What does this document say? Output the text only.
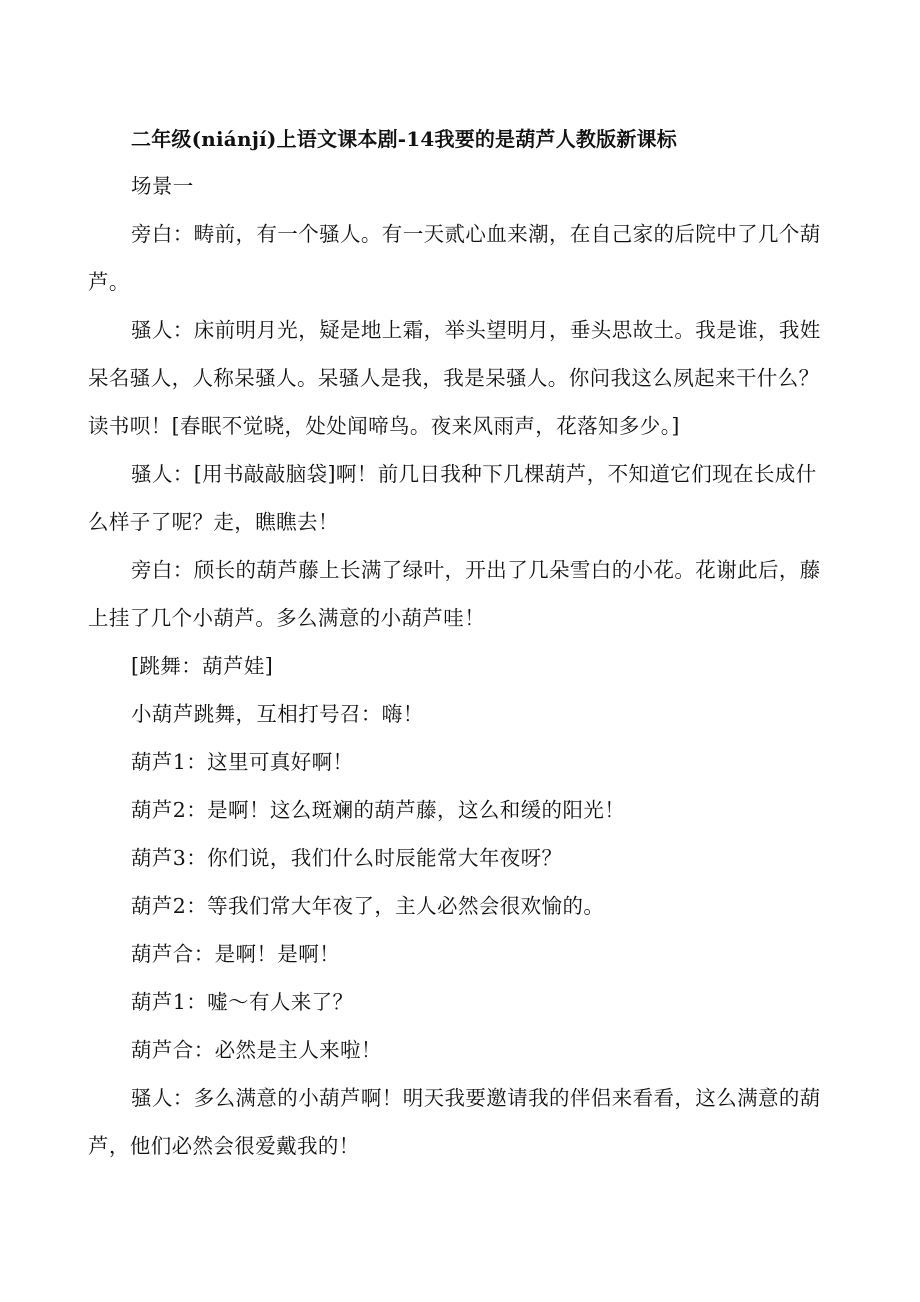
二年级(niánjí)上语文课本剧-14我要的是葫芦人教版新课标

场景一

旁白：畴前，有一个骚人。有一天贰心血来潮，在自己家的后院中了几个葫芦。

骚人：床前明月光，疑是地上霜，举头望明月，垂头思故土。我是谁，我姓呆名骚人，人称呆骚人。呆骚人是我，我是呆骚人。你问我这么夙起来干什么？读书呗！[春眠不觉晓，处处闻啼鸟。夜来风雨声，花落知多少。]

骚人：[用书敲敲脑袋]啊！前几日我种下几棵葫芦，不知道它们现在长成什么样子了呢？走，瞧瞧去！

旁白：颀长的葫芦藤上长满了绿叶，开出了几朵雪白的小花。花谢此后，藤上挂了几个小葫芦。多么满意的小葫芦哇！

[跳舞：葫芦娃]

小葫芦跳舞，互相打号召：嗨！

葫芦1：这里可真好啊！

葫芦2：是啊！这么斑斓的葫芦藤，这么和缓的阳光！

葫芦3：你们说，我们什么时辰能常大年夜呀？

葫芦2：等我们常大年夜了，主人必然会很欢愉的。

葫芦合：是啊！是啊！

葫芦1：嘘～有人来了？

葫芦合：必然是主人来啦！

骚人：多么满意的小葫芦啊！明天我要邀请我的伴侣来看看，这么满意的葫芦，他们必然会很爱戴我的！
